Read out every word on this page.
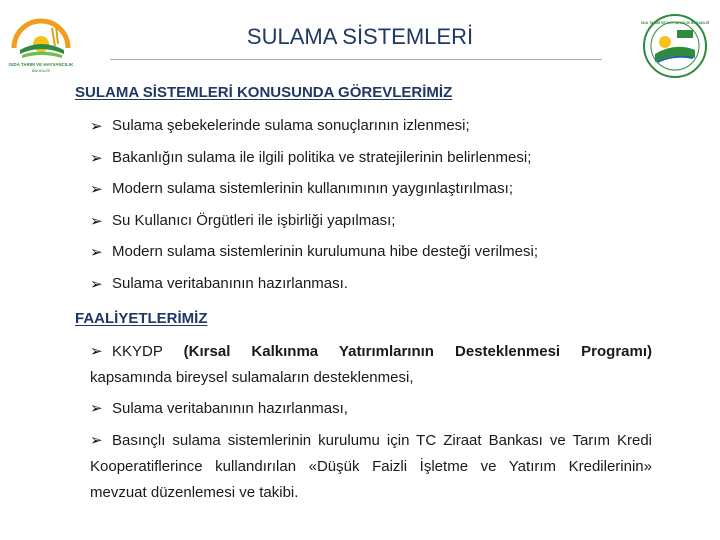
GIDA TARIM VE HAYVANCILIK
BAKANLIĞI
GIDA TARIM VE HAYVANCILIK BAKANLIĞI
SULAMA SİSTEMLERİ
SULAMA SİSTEMLERİ KONUSUNDA GÖREVLERİMİZ
➢ Sulama şebekelerinde sulama sonuçlarının izlenmesi;
➢ Bakanlığın sulama ile ilgili politika ve stratejilerinin belirlenmesi;
➢ Modern sulama sistemlerinin kullanımının yaygınlaştırılması;
➢ Su Kullanıcı Örgütleri ile işbirliği yapılması;
➢ Modern sulama sistemlerinin kurulumuna hibe desteği verilmesi;
➢ Sulama veritabanının hazırlanması.
FAALİYETLERİMİZ
➢ KKYDP (Kırsal Kalkınma Yatırımlarının Desteklenmesi Programı) kapsamında bireysel sulamaların desteklenmesi,
➢ Sulama veritabanının hazırlanması,
➢ Basınçlı sulama sistemlerinin kurulumu için TC Ziraat Bankası ve Tarım Kredi Kooperatiflerince kullandırılan «Düşük Faizli İşletme ve Yatırım Kredilerinin» mevzuat düzenlemesi ve takibi.
